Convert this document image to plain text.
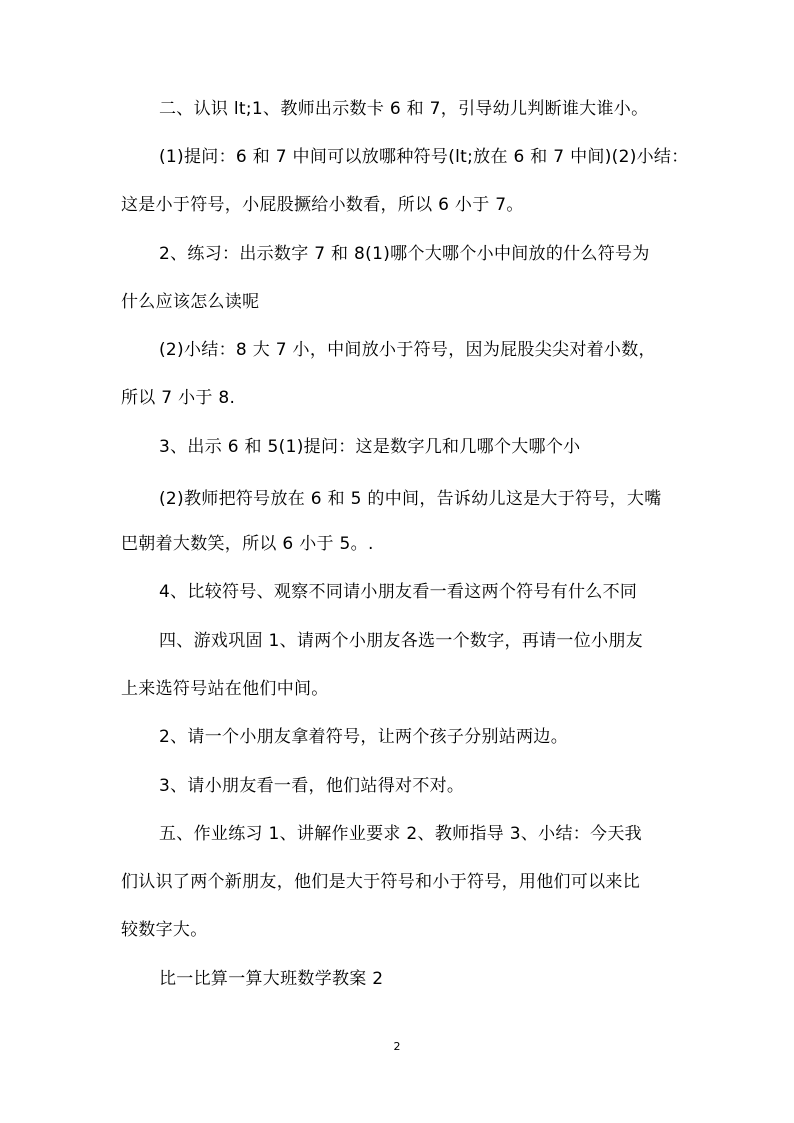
二、认识 lt;1、教师出示数卡 6 和 7，引导幼儿判断谁大谁小。

(1)提问：6 和 7 中间可以放哪种符号(lt;放在 6 和 7 中间)(2)小结：

这是小于符号，小屁股撅给小数看，所以 6 小于 7。

2、练习：出示数字 7 和 8(1)哪个大哪个小中间放的什么符号为

什么应该怎么读呢

(2)小结：8 大 7 小，中间放小于符号，因为屁股尖尖对着小数，

所以 7 小于 8.

3、出示 6 和 5(1)提问：这是数字几和几哪个大哪个小

(2)教师把符号放在 6 和 5 的中间，告诉幼儿这是大于符号，大嘴

巴朝着大数笑，所以 6 小于 5。.

4、比较符号、观察不同请小朋友看一看这两个符号有什么不同

四、游戏巩固 1、请两个小朋友各选一个数字，再请一位小朋友

上来选符号站在他们中间。

2、请一个小朋友拿着符号，让两个孩子分别站两边。

3、请小朋友看一看，他们站得对不对。

五、作业练习 1、讲解作业要求 2、教师指导 3、小结：今天我

们认识了两个新朋友，他们是大于符号和小于符号，用他们可以来比

较数字大。

比一比算一算大班数学教案 2

2
